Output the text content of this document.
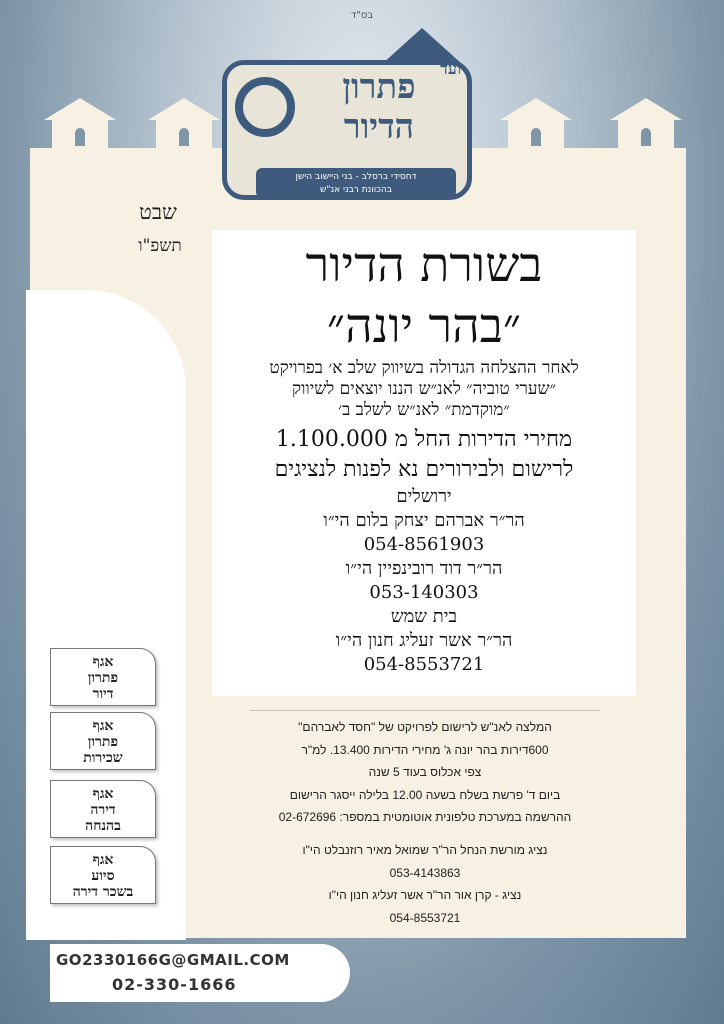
בס"ד
ועד
פתרון
הדיור
דחסידי ברסלב - בני היישוב הישן
בהכוונת רבני אנ"ש
שבט
תשפ"ו	בשורת הדיור
״בהר יונה״
לאחר ההצלחה הגדולה בשיווק שלב א׳ בפרויקט
״שערי טוביה״ לאנ״ש הננו יוצאים לשיווק
״מוקדמת״ לאנ״ש לשלב ב׳
מחירי הדירות החל מ 1.100.000
לרישום ולבירורים נא לפנות לנציגים
ירושלים
הר״ר אברהם יצחק בלום הי״ו
054-8561903
הר״ר דוד רובינפיין הי״ו
053-140303
בית שמש
הר״ר אשר זעליג חנון הי״ו
054-8553721
אגף
פתרון
דיור
אגף
פתרון
שכירות
אגף
דירה
בהנחה
אגף
סיוע
בשכר דירה
המלצה לאנ"ש לרישום לפרויקט של "חסד לאברהם"
600דירות בהר יונה ג' מחירי הדירות 13.400. למ"ר
צפי אכלוס בעוד 5 שנה
ביום ד' פרשת בשלח בשעה 12.00 בלילה ייסגר הרישום
ההרשמה במערכת טלפונית אוטומטית במספר: 02-672696
נציג מורשת הנחל הר"ר שמואל מאיר רוזנבלט הי"ו
053-4143863
נציג - קרן אור הר"ר אשר זעליג חנון הי"ו
054-8553721
GO2330166G@GMAIL.COM
02-330-1666
